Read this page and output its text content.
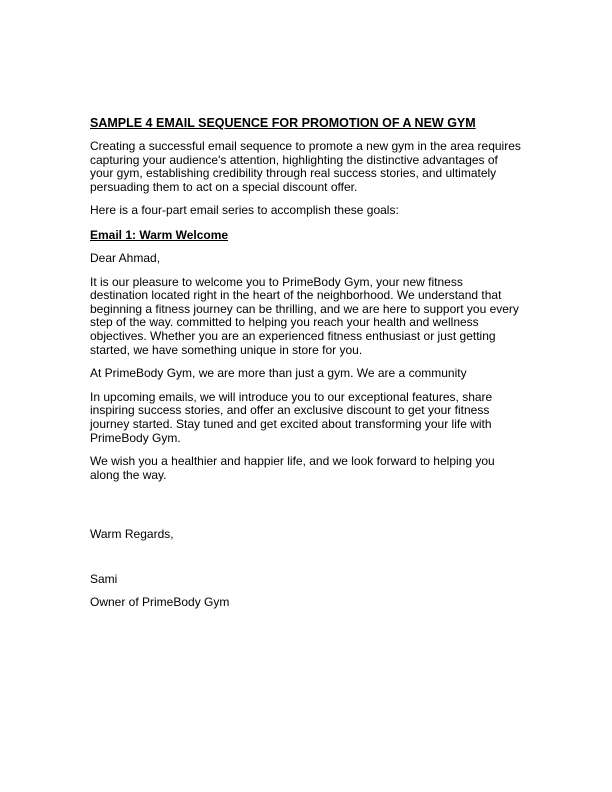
SAMPLE 4 EMAIL SEQUENCE FOR PROMOTION OF A NEW GYM

Creating a successful email sequence to promote a new gym in the area requires capturing your audience's attention, highlighting the distinctive advantages of your gym, establishing credibility through real success stories, and ultimately persuading them to act on a special discount offer.

Here is a four-part email series to accomplish these goals:

Email 1: Warm Welcome

Dear Ahmad,

It is our pleasure to welcome you to PrimeBody Gym, your new fitness destination located right in the heart of the neighborhood. We understand that beginning a fitness journey can be thrilling, and we are here to support you every step of the way. committed to helping you reach your health and wellness objectives. Whether you are an experienced fitness enthusiast or just getting started, we have something unique in store for you.

At PrimeBody Gym, we are more than just a gym. We are a community

In upcoming emails, we will introduce you to our exceptional features, share inspiring success stories, and offer an exclusive discount to get your fitness journey started. Stay tuned and get excited about transforming your life with PrimeBody Gym.

We wish you a healthier and happier life, and we look forward to helping you along the way.

Warm Regards,

Sami

Owner of PrimeBody Gym
